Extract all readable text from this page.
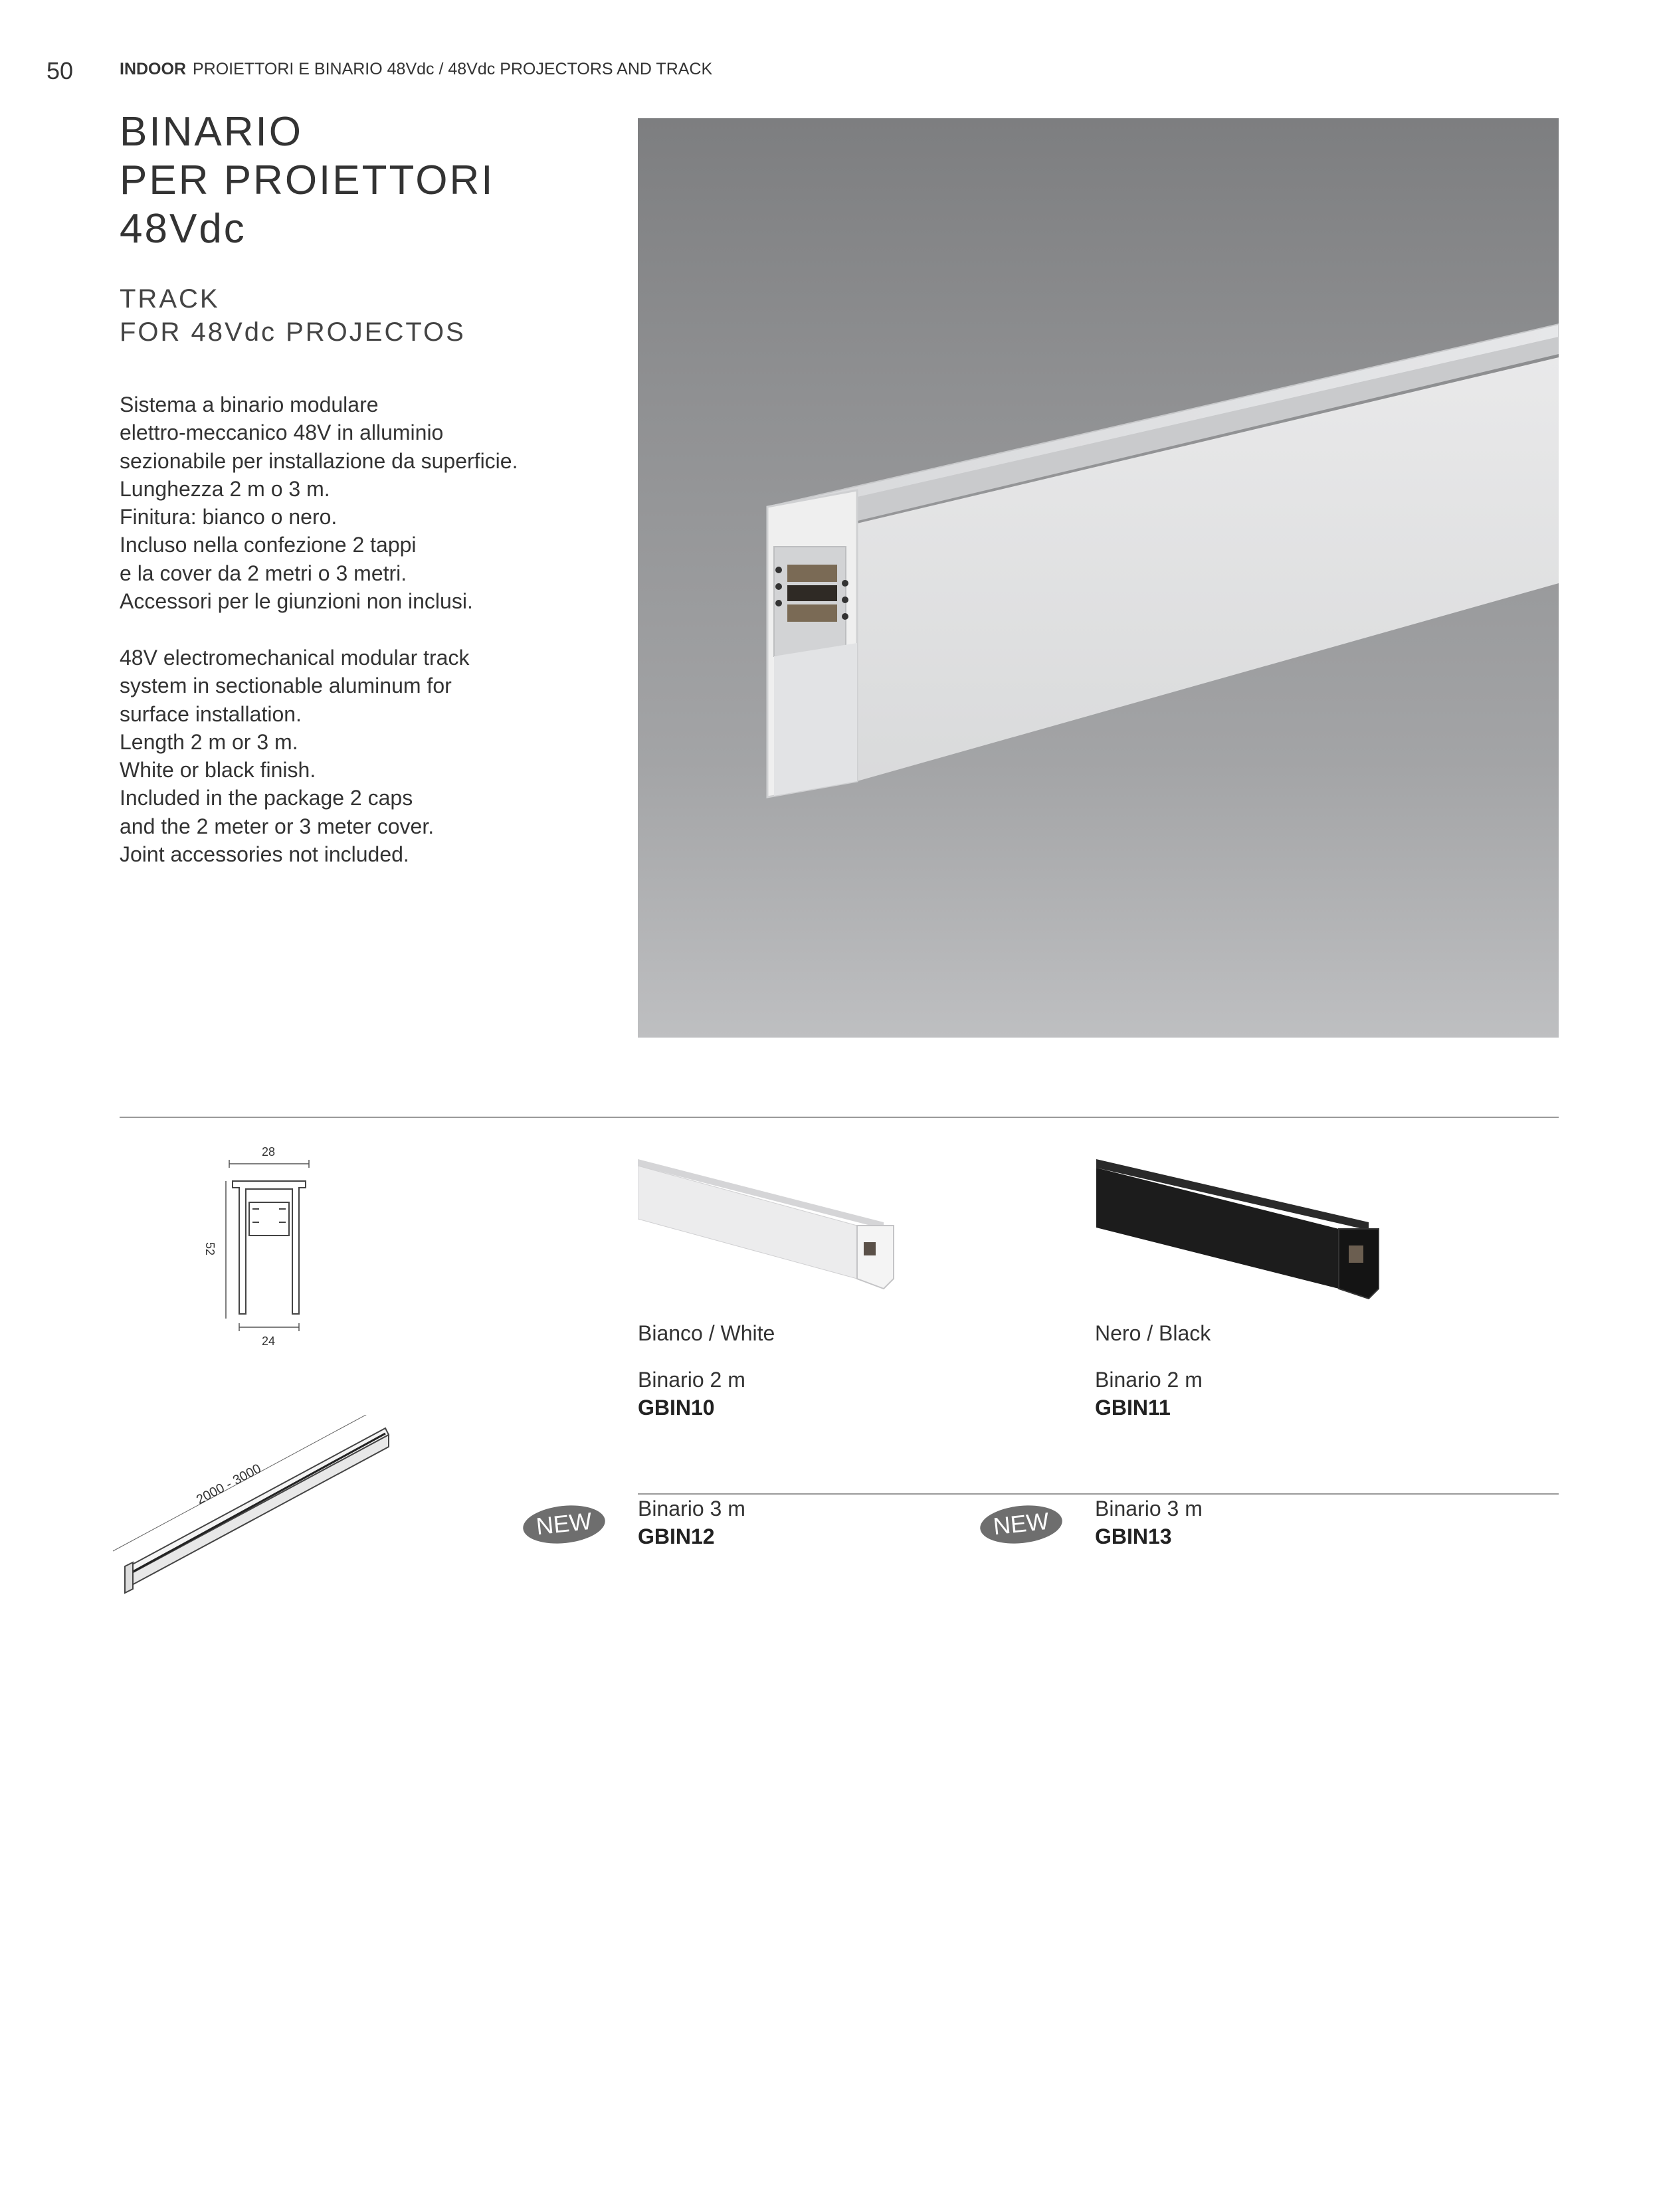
50	INDOOR PROIETTORI E BINARIO 48Vdc / 48Vdc PROJECTORS AND TRACK
BINARIO
PER PROIETTORI
48Vdc
TRACK
FOR 48Vdc PROJECTOS
Sistema a binario modulare
elettro-meccanico 48V in alluminio
sezionabile per installazione da superficie.
Lunghezza 2 m o 3 m.
Finitura: bianco o nero.
Incluso nella confezione 2 tappi
e la cover da 2 metri o 3 metri.
Accessori per le giunzioni non inclusi.
48V electromechanical modular track
system in sectionable aluminum for
surface installation.
Length 2 m or 3 m.
White or black finish.
Included in the package 2 caps
and the 2 meter or 3 meter cover.
Joint accessories not included.
28
52
24
2000 - 3000
Bianco / White
Binario 2 m
GBIN10
Nero / Black
Binario 2 m
GBIN11
NEW	NEW
Binario 3 m
GBIN12
Binario 3 m
GBIN13
